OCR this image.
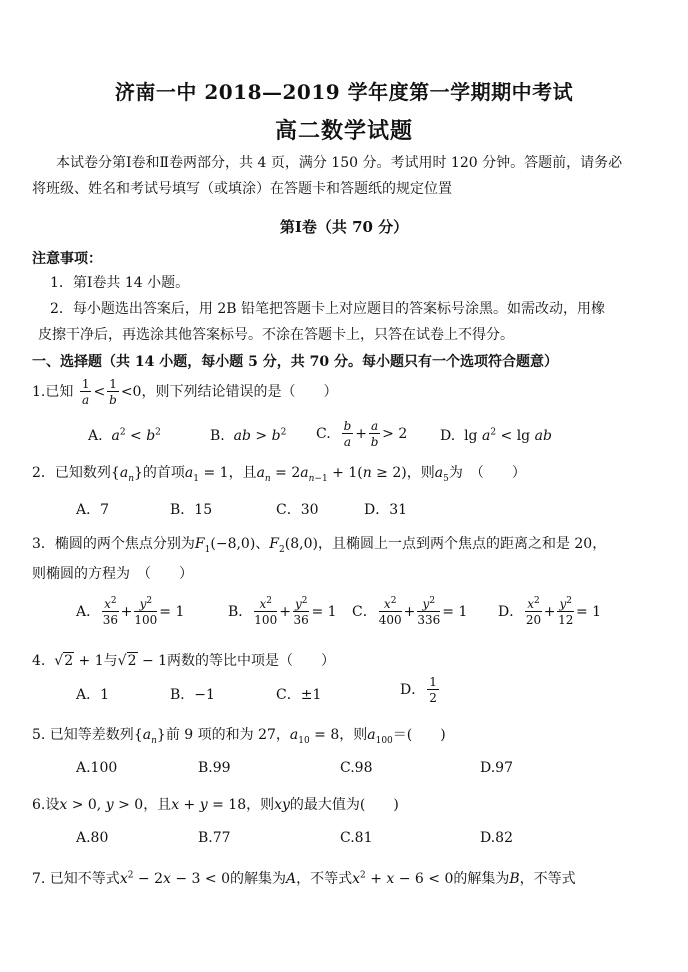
济南一中 2018—2019 学年度第一学期期中考试
高二数学试题
本试卷分第Ⅰ卷和Ⅱ卷两部分，共 4 页，满分 150 分。考试用时 120 分钟。答题前，请务必
将班级、姓名和考试号填写（或填涂）在答题卡和答题纸的规定位置
第Ⅰ卷（共 70 分）
注意事项：
1．第Ⅰ卷共 14 小题。
2．每小题选出答案后，用 2B 铅笔把答题卡上对应题目的答案标号涂黑。如需改动，用橡
皮擦干净后，再选涂其他答案标号。不涂在答题卡上，只答在试卷上不得分。
一、选择题（共 14 小题，每小题 5 分，共 70 分。每小题只有一个选项符合题意）
1.已知 $\frac{1}{a} < \frac{1}{b} <0$，则下列结论错误的是（　　）
A.  $a^2 < b^2$	B.  ab > $b^2$ C. $\frac{b}{a} + \frac{a}{b} > 2$ D.  $\lg a^2 < \lg$ ab
2．已知数列$\{a_n\}$的首项$a_1 = 1$，且$a_n = 2a_{n-1} + 1(n \ge 2)$，则$a_5$为　（　　）
A．7	B．15	C．30	D．31
3．椭圆的两个焦点分别为$F_1(-8,0)$、$F_2(8,0)$，且椭圆上一点到两个焦点的距离之和是 20，
则椭圆的方程为　（　　）
A． $\frac{x^2}{36} + \frac{y^2}{100} = 1$	B． $\frac{x^2}{100} + \frac{y^2}{36} = 1$ C． $\frac{x^2}{400} + \frac{y^2}{336} = 1$ D． $\frac{x^2}{20} + \frac{y^2}{12} = 1$
4.  √2 + 1与√2 − 1两数的等比中项是（　　）
A．1	B．−1	C．±1	D． $\frac{1}{2}$
5. 已知等差数列$\{a_n\}$前 9 项的和为 27，$a_{10} = 8$，则$a_{100}=$(　　)
A.100	B.99	C.98	D.97
6.设x > 0, y > 0，且x + y = 18，则xy的最大值为(　　)
A.80	B.77	C.81	D.82
7. 已知不等式$x^2 - 2x - 3 < 0$的解集为A，不等式$x^2 + x - 6 < 0$的解集为B，不等式
